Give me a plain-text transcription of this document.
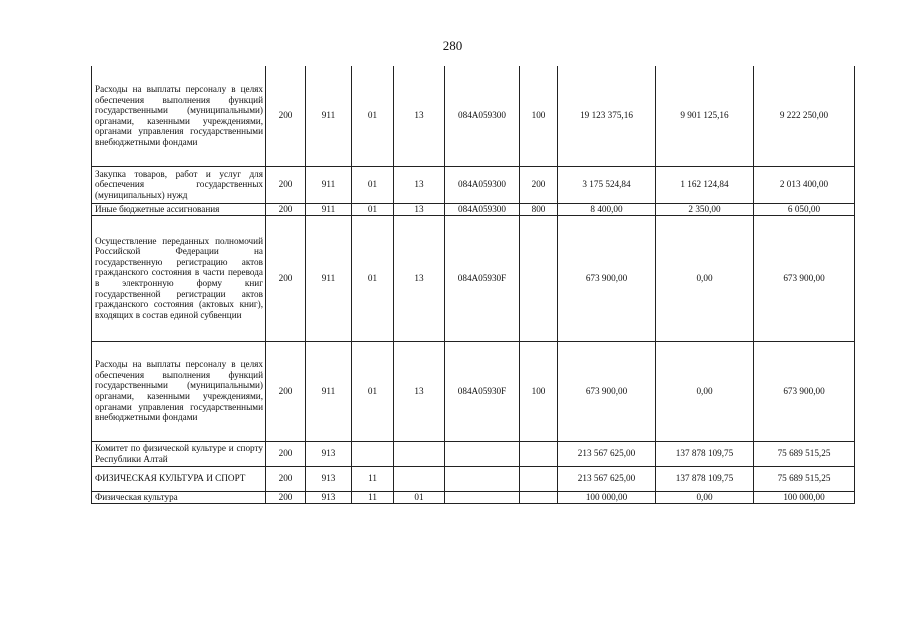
280
Расходы на выплаты персоналу в целях обеспечения выполнения функций государственными (муниципальными) органами, казенными учреждениями, органами управления государственными внебюджетными фондами	200	911	01	13	084A059300	100	19 123 375,16	9 901 125,16	9 222 250,00
Закупка товаров, работ и услуг для обеспечения государственных (муниципальных) нужд	200	911	01	13	084A059300	200	3 175 524,84	1 162 124,84	2 013 400,00
Иные бюджетные ассигнования	200	911	01	13	084A059300	800	8 400,00	2 350,00	6 050,00
Осуществление переданных полномочий Российской Федерации на государственную регистрацию актов гражданского состояния в части перевода в электронную форму книг государственной регистрации актов гражданского состояния (актовых книг), входящих в состав единой субвенции	200	911	01	13	084A05930F		673 900,00	0,00	673 900,00
Расходы на выплаты персоналу в целях обеспечения выполнения функций государственными (муниципальными) органами, казенными учреждениями, органами управления государственными внебюджетными фондами	200	911	01	13	084A05930F	100	673 900,00	0,00	673 900,00
Комитет по физической культуре и спорту Республики Алтай	200	913					213 567 625,00	137 878 109,75	75 689 515,25
ФИЗИЧЕСКАЯ КУЛЬТУРА И СПОРТ	200	913	11				213 567 625,00	137 878 109,75	75 689 515,25
Физическая культура	200	913	11	01			100 000,00	0,00	100 000,00
